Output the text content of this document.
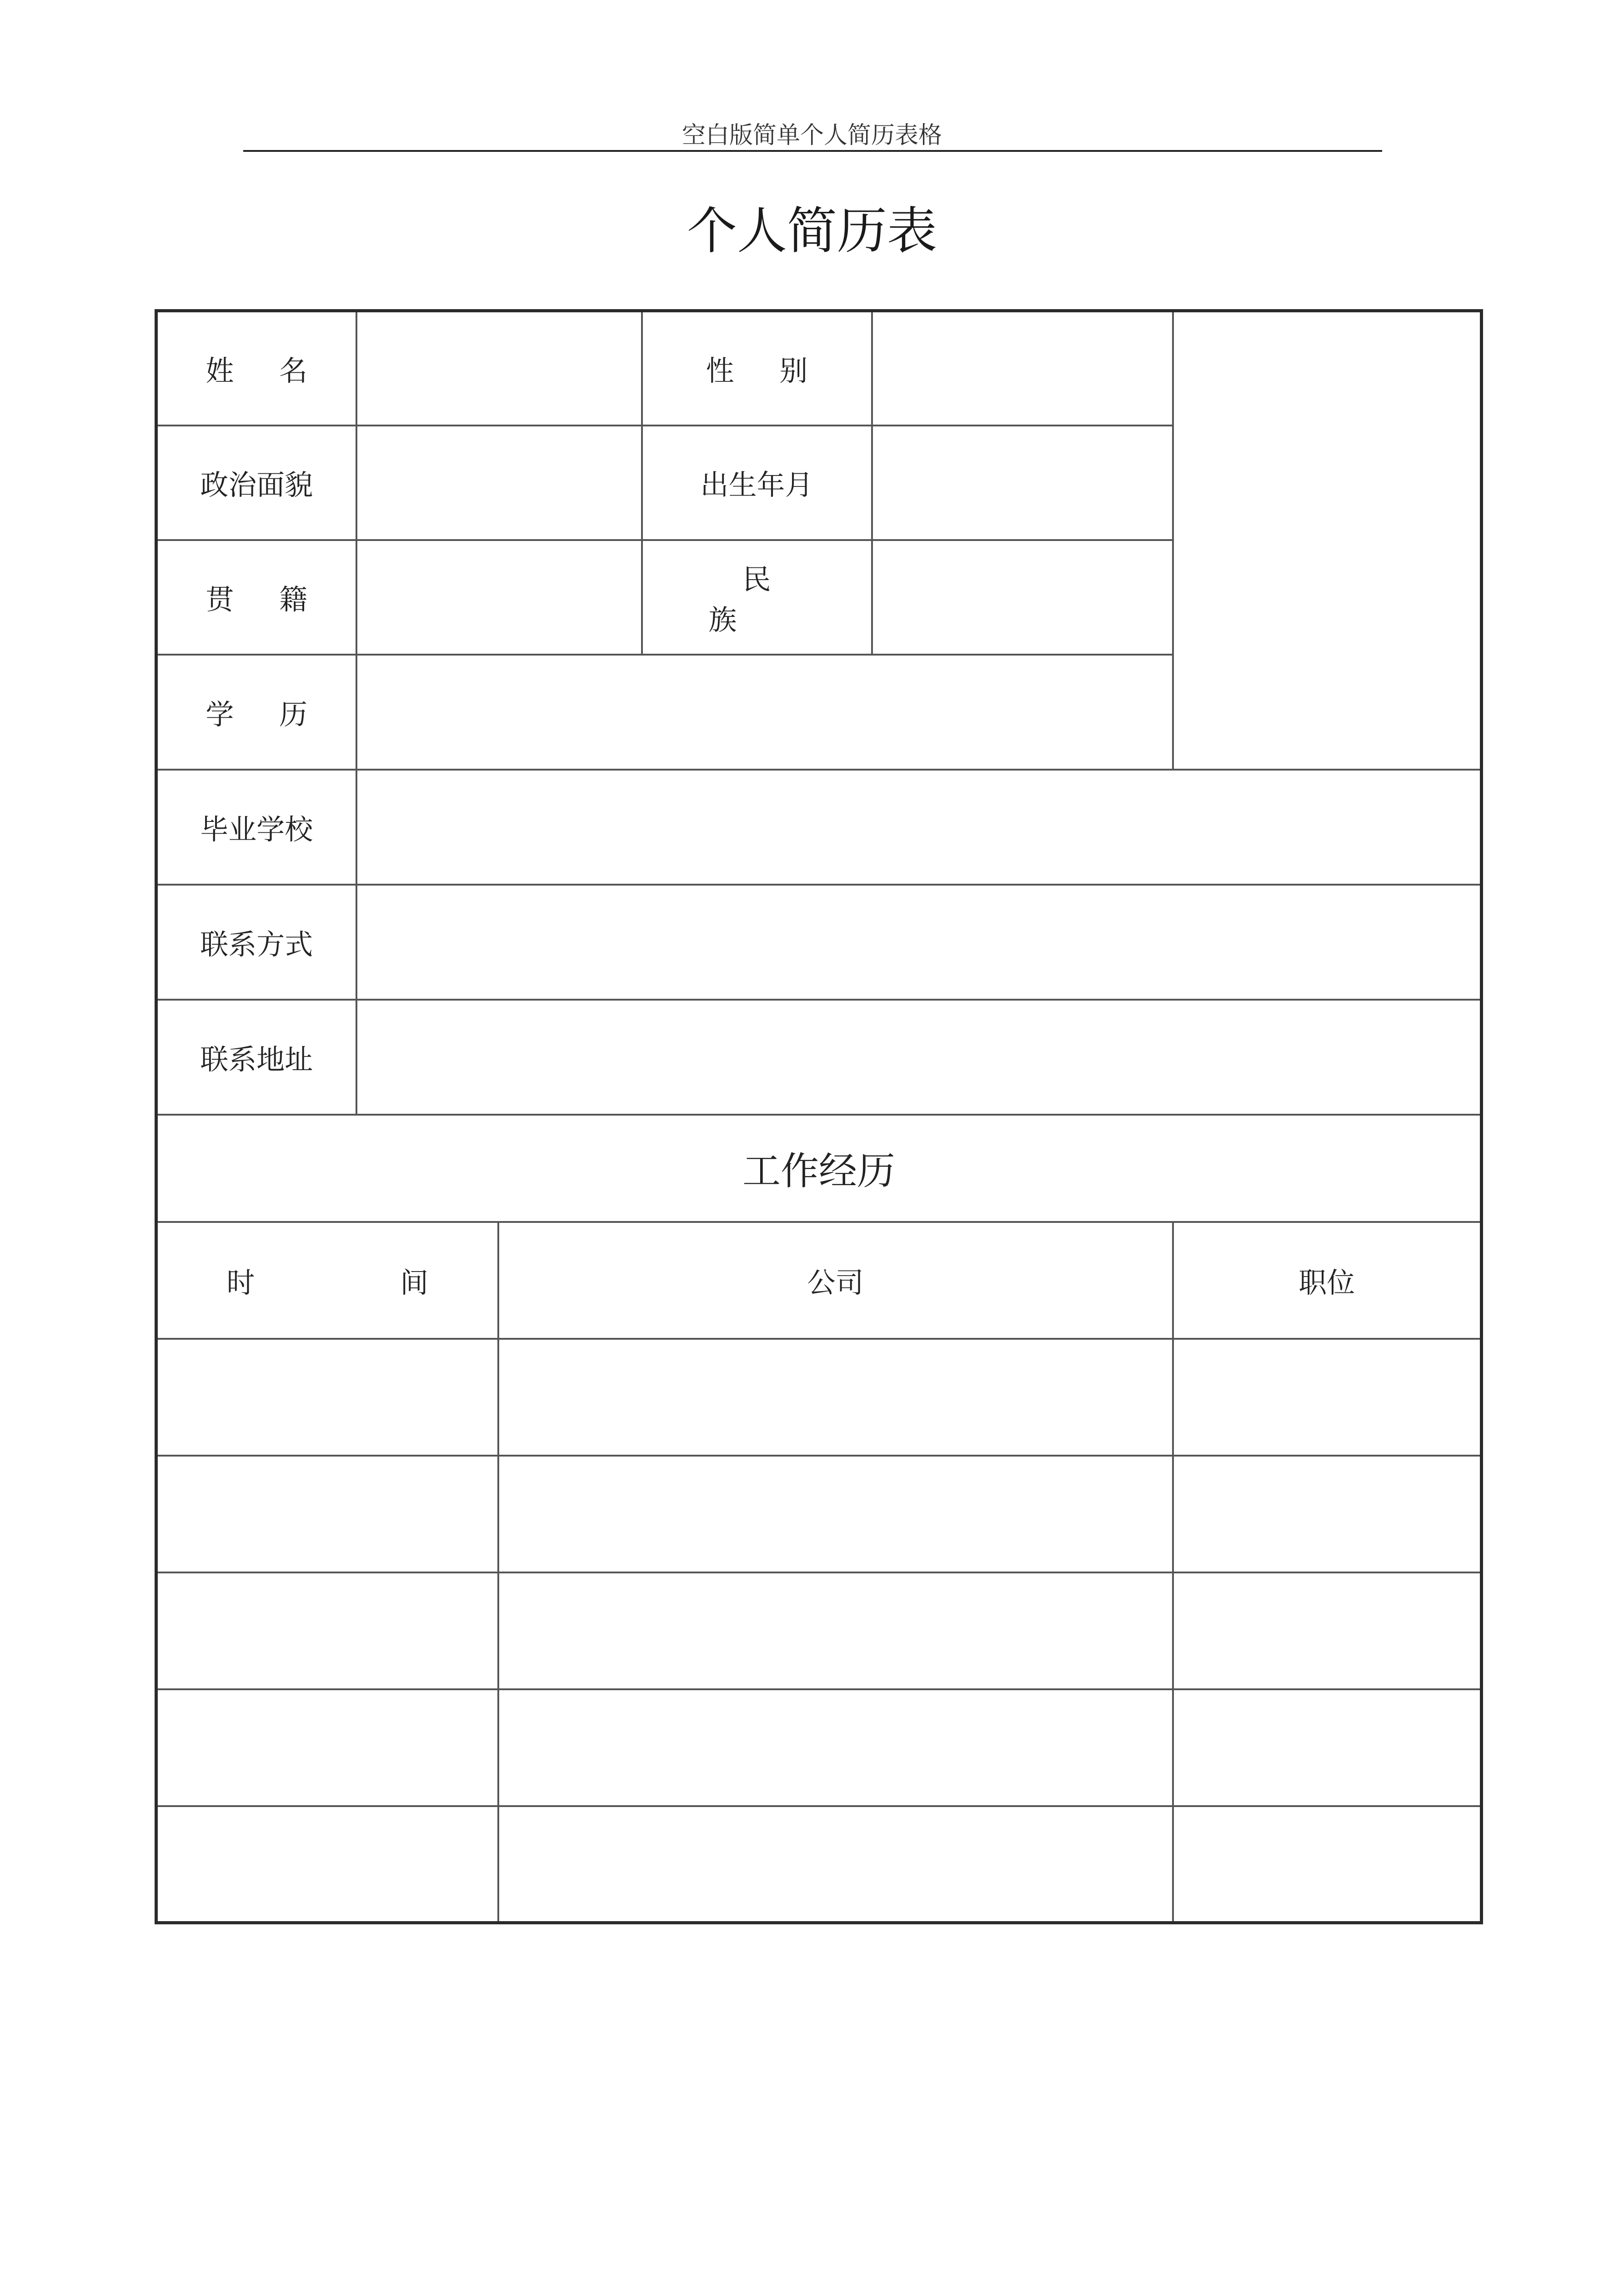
空白版简单个人简历表格
个人简历表
姓 名			性 别		
政治面貌			出生年月		
贯 籍			民 族		
学 历					
毕业学校					
联系方式					
联系地址					
工作经历					
时 间		公司			职位
